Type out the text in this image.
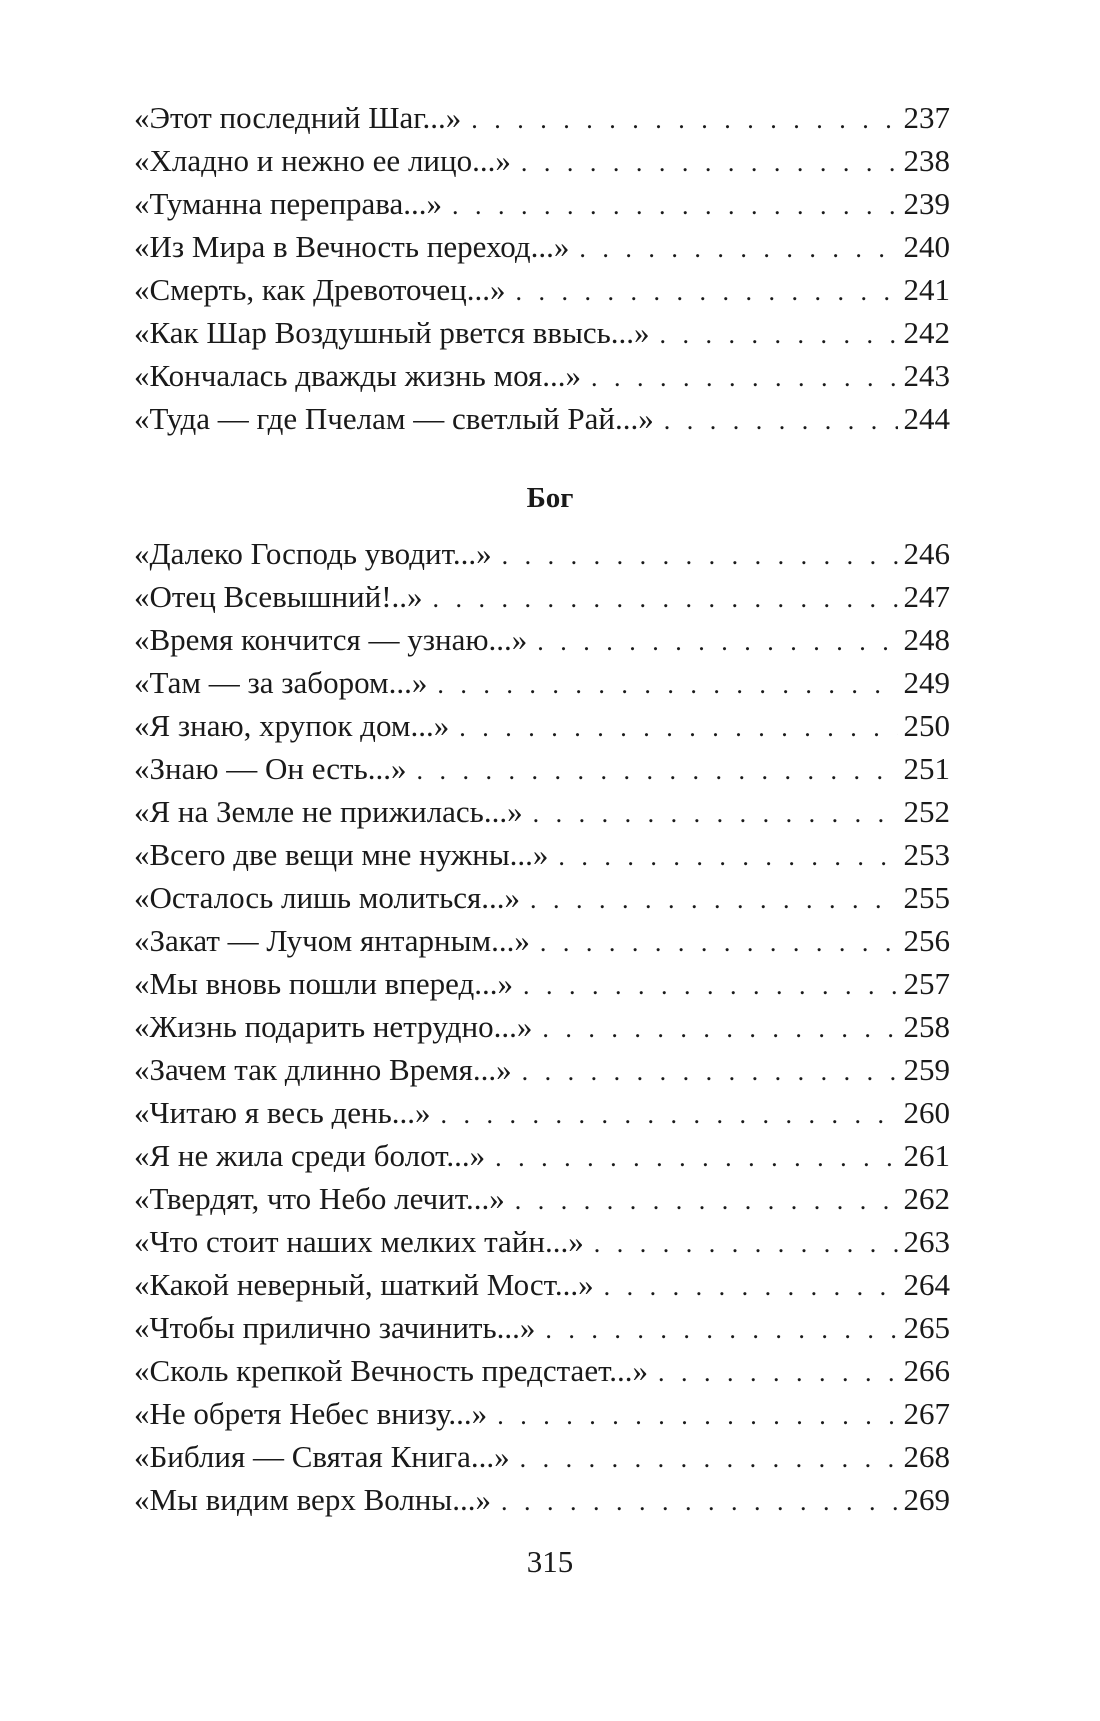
«Этот последний Шаг...» . . .	237
«Хладно и нежно ее лицо...» . . .	238
«Туманна переправа...» . . .	239
«Из Мира в Вечность переход...» . . .	240
«Смерть, как Древоточец...» . . .	241
«Как Шар Воздушный рвется ввысь...» . . .	242
«Кончалась дважды жизнь моя...» . . .	243
«Туда — где Пчелам — светлый Рай...» . . .	244
Бог
«Далеко Господь уводит...» . . .	246
«Отец Всевышний!..» . . .	247
«Время кончится — узнаю...» . . .	248
«Там — за забором...» . . .	249
«Я знаю, хрупок дом...» . . .	250
«Знаю — Он есть...» . . .	251
«Я на Земле не прижилась...» . . .	252
«Всего две вещи мне нужны...» . . .	253
«Осталось лишь молиться...» . . .	255
«Закат — Лучом янтарным...» . . .	256
«Мы вновь пошли вперед...» . . .	257
«Жизнь подарить нетрудно...» . . .	258
«Зачем так длинно Время...» . . .	259
«Читаю я весь день...» . . .	260
«Я не жила среди болот...» . . .	261
«Твердят, что Небо лечит...» . . .	262
«Что стоит наших мелких тайн...» . . .	263
«Какой неверный, шаткий Мост...» . . .	264
«Чтобы прилично зачинить...» . . .	265
«Сколь крепкой Вечность предстает...» . . .	266
«Не обретя Небес внизу...» . . .	267
«Библия — Святая Книга...» . . .	268
«Мы видим верх Волны...» . . .	269
315
